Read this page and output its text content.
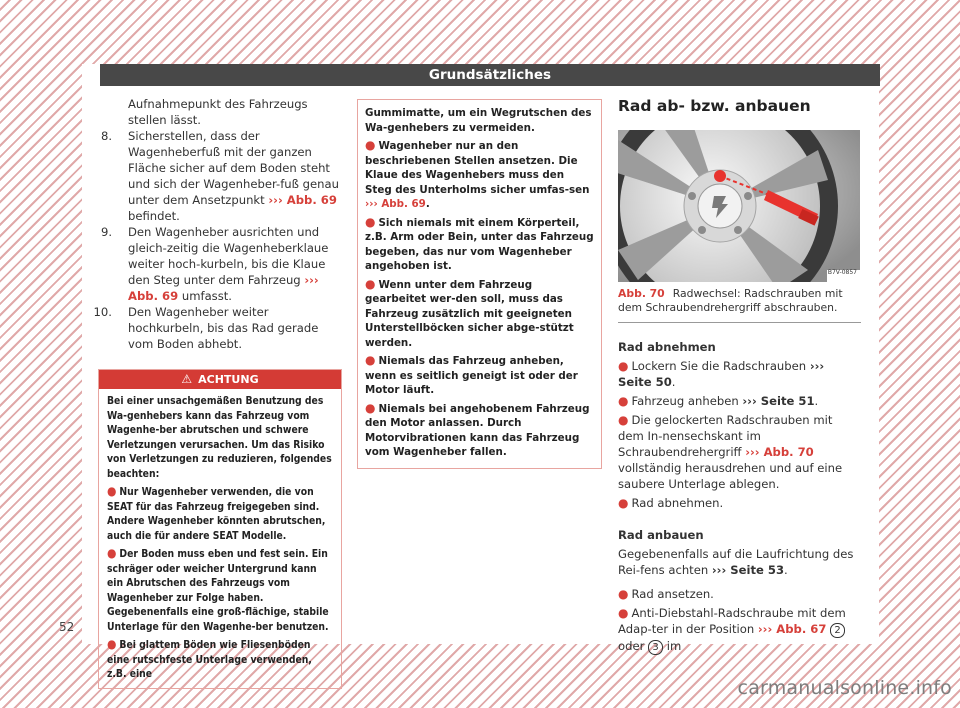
Grundsätzliches

Aufnahmepunkt des Fahrzeugs stellen lässt.

8. Sicherstellen, dass der Wagenheberfuß mit der ganzen Fläche sicher auf dem Boden steht und sich der Wagenheber-fuß genau unter dem Ansetzpunkt ››› Abb. 69 befindet.

9. Den Wagenheber ausrichten und gleich-zeitig die Wagenheberklaue weiter hoch-kurbeln, bis die Klaue den Steg unter dem Fahrzeug ››› Abb. 69 umfasst.

10. Den Wagenheber weiter hochkurbeln, bis das Rad gerade vom Boden abhebt.

⚠ ACHTUNG

Bei einer unsachgemäßen Benutzung des Wa-genhebers kann das Fahrzeug vom Wagenhe-ber abrutschen und schwere Verletzungen verursachen. Um das Risiko von Verletzungen zu reduzieren, folgendes beachten:

● Nur Wagenheber verwenden, die von SEAT für das Fahrzeug freigegeben sind. Andere Wagenheber könnten abrutschen, auch die für andere SEAT Modelle.

● Der Boden muss eben und fest sein. Ein schräger oder weicher Untergrund kann ein Abrutschen des Fahrzeugs vom Wagenheber zur Folge haben. Gegebenenfalls eine groß-flächige, stabile Unterlage für den Wagenhe-ber benutzen.

● Bei glattem Böden wie Fliesenböden eine rutschfeste Unterlage verwenden, z.B. eine

Gummimatte, um ein Wegrutschen des Wa-genhebers zu vermeiden.

● Wagenheber nur an den beschriebenen Stellen ansetzen. Die Klaue des Wagenhebers muss den Steg des Unterholms sicher umfas-sen ››› Abb. 69.

● Sich niemals mit einem Körperteil, z.B. Arm oder Bein, unter das Fahrzeug begeben, das nur vom Wagenheber angehoben ist.

● Wenn unter dem Fahrzeug gearbeitet wer-den soll, muss das Fahrzeug zusätzlich mit geeigneten Unterstellböcken sicher abge-stützt werden.

● Niemals das Fahrzeug anheben, wenn es seitlich geneigt ist oder der Motor läuft.

● Niemals bei angehobenem Fahrzeug den Motor anlassen. Durch Motorvibrationen kann das Fahrzeug vom Wagenheber fallen.

Rad ab- bzw. anbauen

B7V-0857
Abb. 70 Radwechsel: Radschrauben mit dem Schraubendrehergriff abschrauben.

Rad abnehmen

● Lockern Sie die Radschrauben ››› Seite 50.

● Fahrzeug anheben ››› Seite 51.

● Die gelockerten Radschrauben mit dem In-nensechskant im Schraubendrehergriff ››› Abb. 70 vollständig herausdrehen und auf eine saubere Unterlage ablegen.

● Rad abnehmen.

Rad anbauen

Gegebenenfalls auf die Laufrichtung des Rei-fens achten ››› Seite 53.

● Rad ansetzen.

● Anti-Diebstahl-Radschraube mit dem Adap-ter in der Position ››› Abb. 67 2 oder 3 im

52
carmanualsonline.info
